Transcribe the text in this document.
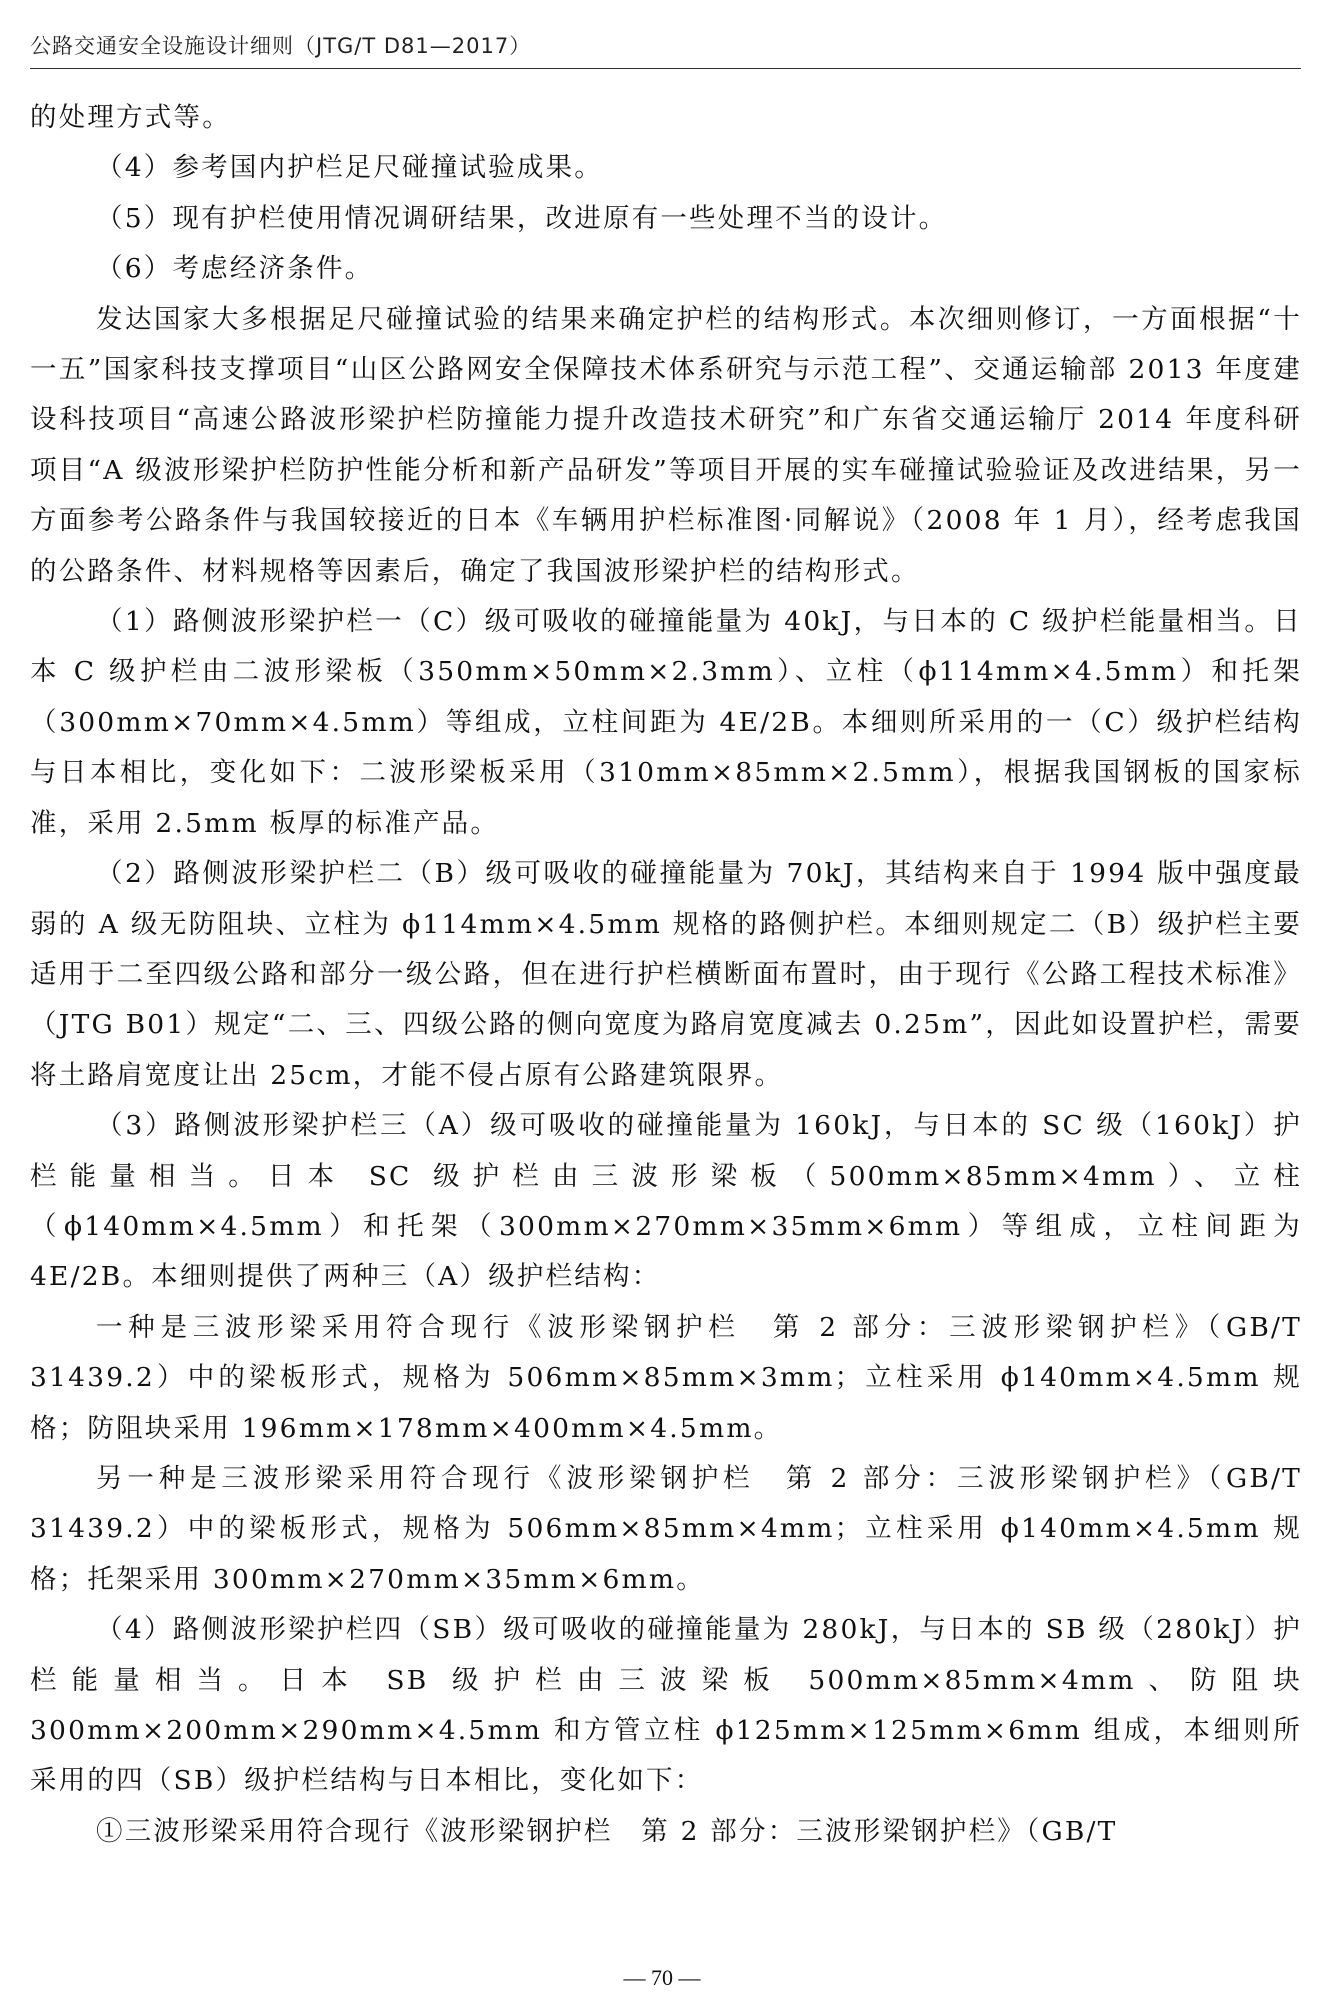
公路交通安全设施设计细则（JTG/T D81—2017）

的处理方式等。

（4）参考国内护栏足尺碰撞试验成果。

（5）现有护栏使用情况调研结果，改进原有一些处理不当的设计。

（6）考虑经济条件。

发达国家大多根据足尺碰撞试验的结果来确定护栏的结构形式。本次细则修订，一方面根据“十一五”国家科技支撑项目“山区公路网安全保障技术体系研究与示范工程”、交通运输部 2013 年度建设科技项目“高速公路波形梁护栏防撞能力提升改造技术研究”和广东省交通运输厅 2014 年度科研项目“A 级波形梁护栏防护性能分析和新产品研发”等项目开展的实车碰撞试验验证及改进结果，另一方面参考公路条件与我国较接近的日本《车辆用护栏标准图·同解说》（2008 年 1 月），经考虑我国的公路条件、材料规格等因素后，确定了我国波形梁护栏的结构形式。

（1）路侧波形梁护栏一（C）级可吸收的碰撞能量为 40kJ，与日本的 C 级护栏能量相当。日本 C 级护栏由二波形梁板（350mm×50mm×2.3mm）、立柱（ϕ114mm×4.5mm）和托架（300mm×70mm×4.5mm）等组成，立柱间距为 4E/2B。本细则所采用的一（C）级护栏结构与日本相比，变化如下：二波形梁板采用（310mm×85mm×2.5mm），根据我国钢板的国家标准，采用 2.5mm 板厚的标准产品。

（2）路侧波形梁护栏二（B）级可吸收的碰撞能量为 70kJ，其结构来自于 1994 版中强度最弱的 A 级无防阻块、立柱为 ϕ114mm×4.5mm 规格的路侧护栏。本细则规定二（B）级护栏主要适用于二至四级公路和部分一级公路，但在进行护栏横断面布置时，由于现行《公路工程技术标准》（JTG B01）规定“二、三、四级公路的侧向宽度为路肩宽度减去 0.25m”，因此如设置护栏，需要将土路肩宽度让出 25cm，才能不侵占原有公路建筑限界。

（3）路侧波形梁护栏三（A）级可吸收的碰撞能量为 160kJ，与日本的 SC 级（160kJ）护栏能量相当。日本 SC 级护栏由三波形梁板（500mm×85mm×4mm）、立柱（ϕ140mm×4.5mm）和托架（300mm×270mm×35mm×6mm）等组成，立柱间距为 4E/2B。本细则提供了两种三（A）级护栏结构：

一种是三波形梁采用符合现行《波形梁钢护栏　第 2 部分：三波形梁钢护栏》（GB/T 31439.2）中的梁板形式，规格为 506mm×85mm×3mm；立柱采用 ϕ140mm×4.5mm 规格；防阻块采用 196mm×178mm×400mm×4.5mm。

另一种是三波形梁采用符合现行《波形梁钢护栏　第 2 部分：三波形梁钢护栏》（GB/T 31439.2）中的梁板形式，规格为 506mm×85mm×4mm；立柱采用 ϕ140mm×4.5mm 规格；托架采用 300mm×270mm×35mm×6mm。

（4）路侧波形梁护栏四（SB）级可吸收的碰撞能量为 280kJ，与日本的 SB 级（280kJ）护栏能量相当。日本 SB 级护栏由三波梁板 500mm×85mm×4mm、防阻块 300mm×200mm×290mm×4.5mm 和方管立柱 ϕ125mm×125mm×6mm 组成，本细则所采用的四（SB）级护栏结构与日本相比，变化如下：

①三波形梁采用符合现行《波形梁钢护栏　第 2 部分：三波形梁钢护栏》（GB/T

— 70 —
